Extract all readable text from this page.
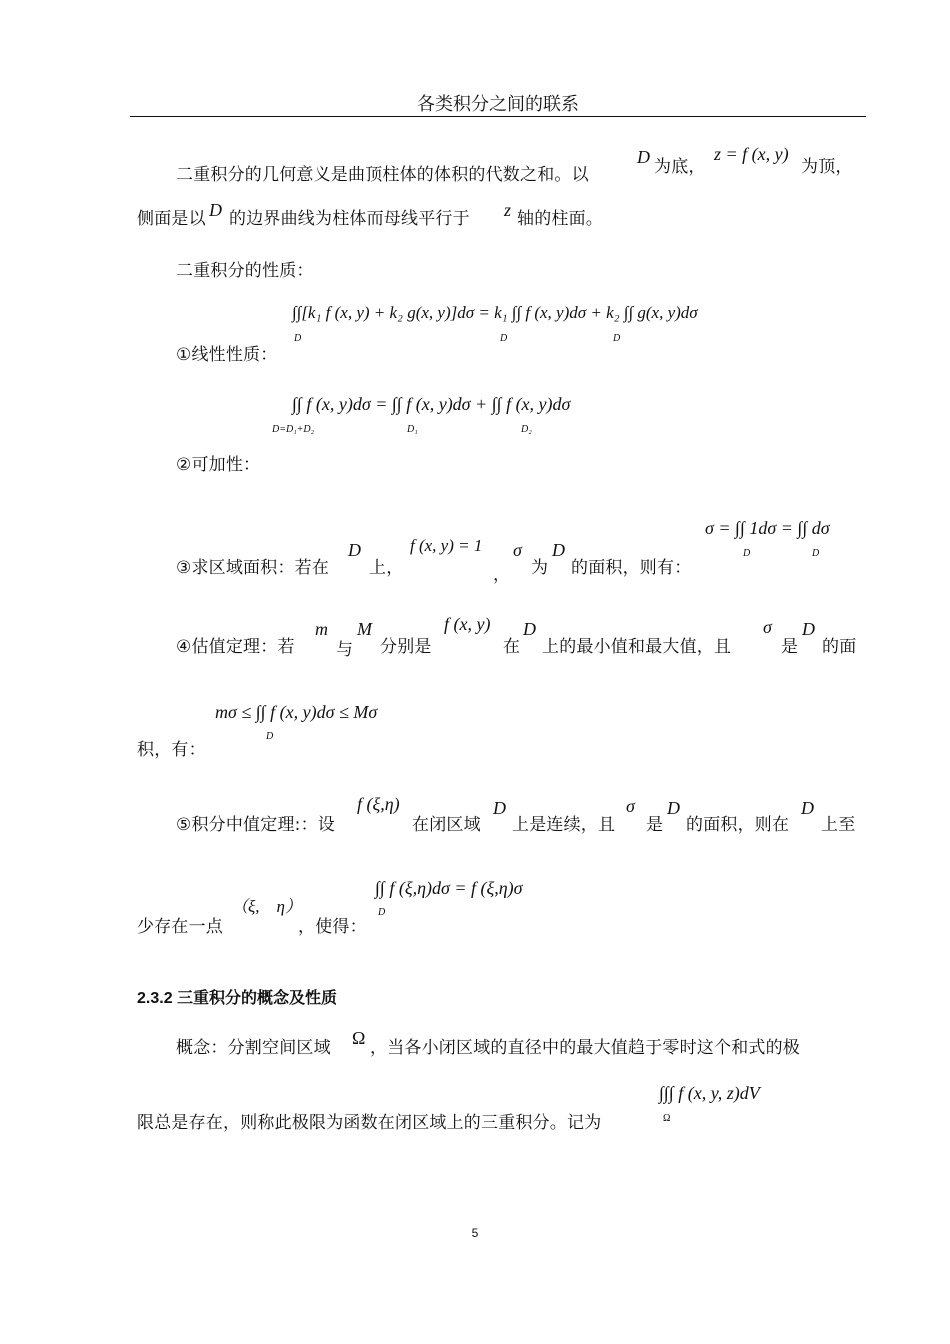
各类积分之间的联系
二重积分的几何意义是曲顶柱体的体积的代数之和。以
D 为底，
z = f (x, y)
为顶，
侧面是以 D 的边界曲线为柱体而母线平行于 z 轴的柱面。
二重积分的性质：
∫∫[k₁ f (x, y) + k₂ g(x, y)]dσ = k₁ ∫∫ f (x, y)dσ + k₂ ∫∫ g(x, y)dσ
D	D	D
①线性性质：
∫∫ f (x, y)dσ = ∫∫ f (x, y)dσ + ∫∫ f (x, y)dσ
D=D₁+D₂	D₁	D₂
②可加性：
③求区域面积：若在
D
上，
f (x, y) = 1
，
σ
为
D
的面积，则有：
σ = ∫∫ 1dσ = ∫∫ dσ
D	D
④估值定理：若
m
与
M
分别是
f (x, y)
在
D
上的最小值和最大值，且
σ
是
D
的面
mσ ≤ ∫∫ f (x, y)dσ ≤ Mσ
D
积，有：
⑤积分中值定理:：设
f (ξ,η)
在闭区域
D
上是连续，且
σ
是
D
的面积，则在
D
上至
少存在一点
（ξ,　η）
，使得：
∫∫ f (ξ,η)dσ = f (ξ,η)σ
D
2.3.2 三重积分的概念及性质
概念：分割空间区域 Ω ，当各小闭区域的直径中的最大值趋于零时这个和式的极
限总是存在，则称此极限为函数在闭区域上的三重积分。记为
∫∫∫ f (x, y, z)dV
Ω
5
